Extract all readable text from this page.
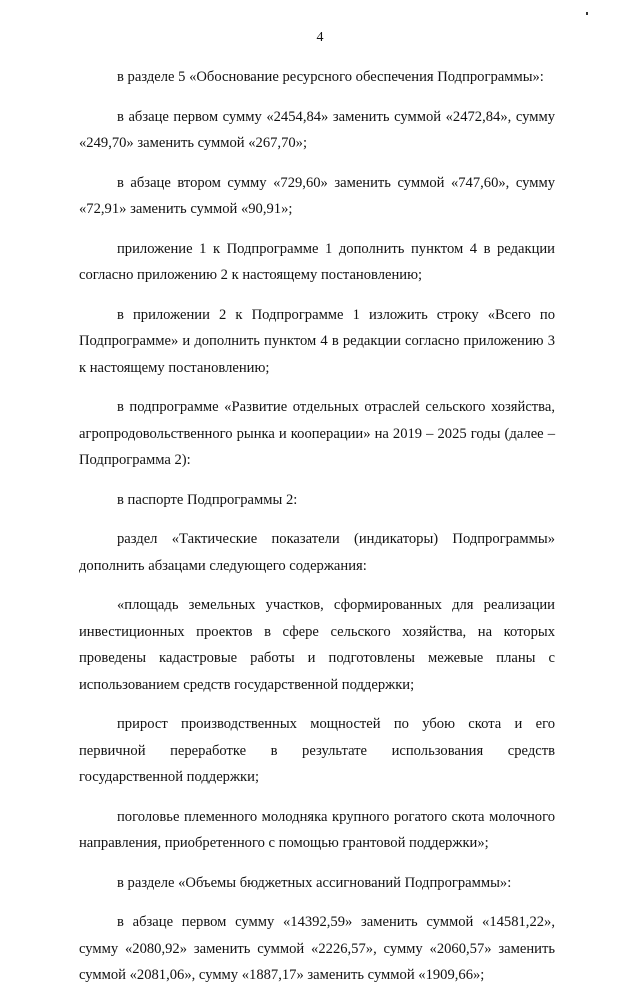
4

в разделе 5 «Обоснование ресурсного обеспечения Подпрограммы»:

в абзаце первом сумму «2454,84» заменить суммой «2472,84», сумму «249,70» заменить суммой «267,70»;

в абзаце втором сумму «729,60» заменить суммой «747,60», сумму «72,91» заменить суммой «90,91»;

приложение 1 к Подпрограмме 1 дополнить пунктом 4 в редакции согласно приложению 2 к настоящему постановлению;

в приложении 2 к Подпрограмме 1 изложить строку «Всего по Подпрограмме» и дополнить пунктом 4 в редакции согласно приложению 3 к настоящему постановлению;

в подпрограмме «Развитие отдельных отраслей сельского хозяйства, агропродовольственного рынка и кооперации» на 2019 – 2025 годы (далее – Подпрограмма 2):

в паспорте Подпрограммы 2:

раздел «Тактические показатели (индикаторы) Подпрограммы» дополнить абзацами следующего содержания:

«площадь земельных участков, сформированных для реализации инвестиционных проектов в сфере сельского хозяйства, на которых проведены кадастровые работы и подготовлены межевые планы с использованием средств государственной поддержки;

прирост производственных мощностей по убою скота и его первичной переработке в результате использования средств государственной поддержки;

поголовье племенного молодняка крупного рогатого скота молочного направления, приобретенного с помощью грантовой поддержки»;

в разделе «Объемы бюджетных ассигнований Подпрограммы»:

в абзаце первом сумму «14392,59» заменить суммой «14581,22», сумму «2080,92» заменить суммой «2226,57», сумму «2060,57» заменить суммой «2081,06», сумму «1887,17» заменить суммой «1909,66»;
